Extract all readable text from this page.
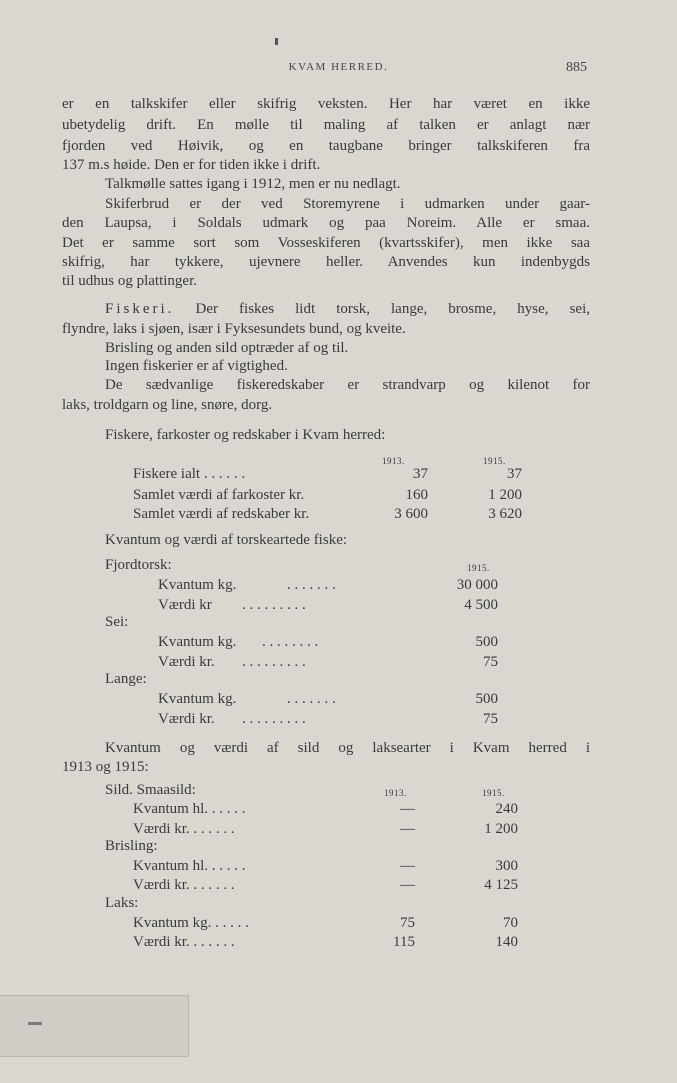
KVAM HERRED.	885
er en talkskifer eller skifrig veksten. Her har været en ikke
ubetydelig drift. En mølle til maling af talken er anlagt nær
fjorden ved Høivik, og en taugbane bringer talkskiferen fra
137 m.s høide. Den er for tiden ikke i drift.
Talkmølle sattes igang i 1912, men er nu nedlagt.
Skiferbrud er der ved Storemyrene i udmarken under gaar-
den Laupsa, i Soldals udmark og paa Noreim. Alle er smaa.
Det er samme sort som Vosseskiferen (kvartsskifer), men ikke saa
skifrig, har tykkere, ujevnere heller. Anvendes kun indenbygds
til udhus og plattinger.
Fiskeri. Der fiskes lidt torsk, lange, brosme, hyse, sei,
flyndre, laks i sjøen, især i Fyksesundets bund, og kveite.
Brisling og anden sild optræder af og til.
Ingen fiskerier er af vigtighed.
De sædvanlige fiskeredskaber er strandvarp og kilenot for
laks, troldgarn og line, snøre, dorg.
Fiskere, farkoster og redskaber i Kvam herred:
1913.	1915.
Fiskere ialt . . . . . .	37	37
Samlet værdi af farkoster kr.	160	1 200
Samlet værdi af redskaber kr.	3 600	3 620
Kvantum og værdi af torskeartede fiske:
1915.
Fjordtorsk:
Kvantum kg.	. . . . . . .	30 000
Værdi kr . . . . . . . . .	4 500
Sei:
Kvantum kg. . . . . . . . .	500
Værdi kr. . . . . . . . . .	75
Lange:
Kvantum kg.	. . . . . . .	500
Værdi kr. . . . . . . . . .	75
Kvantum og værdi af sild og laksearter i Kvam herred i
1913 og 1915:
Sild. Smaasild:	1913.	1915.
Kvantum hl. . . . . .	—	240
Værdi kr. . . . . . .	—	1 200
Brisling:
Kvantum hl. . . . . .	—	300
Værdi kr. . . . . . .	—	4 125
Laks:
Kvantum kg. . . . . .	75	70
Værdi kr. . . . . . .	115	140
